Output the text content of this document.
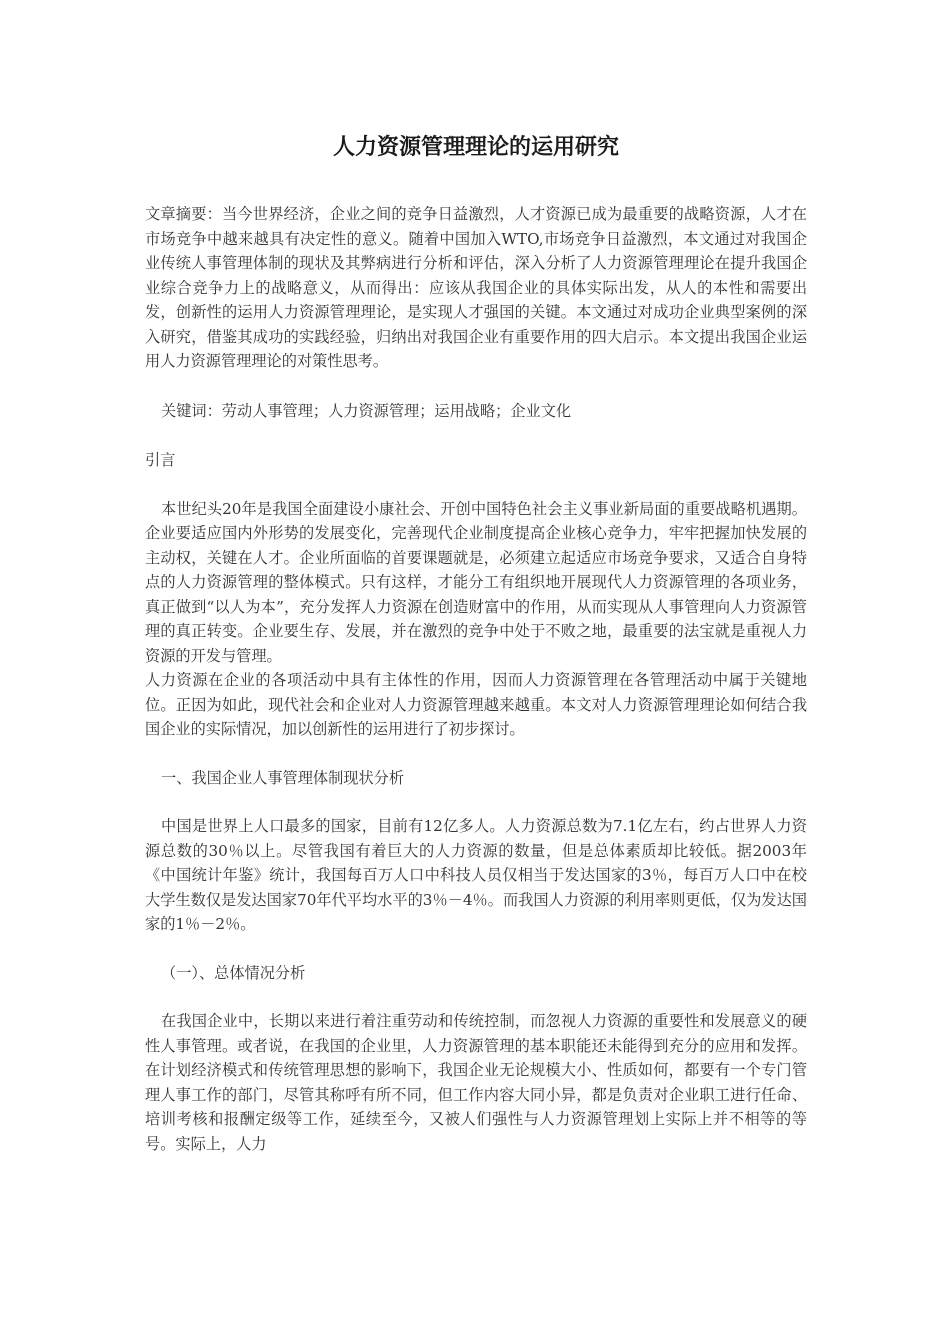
人力资源管理理论的运用研究

文章摘要：当今世界经济，企业之间的竞争日益激烈，人才资源已成为最重要的战略资源，人才在市场竞争中越来越具有决定性的意义。随着中国加入WTO,市场竞争日益激烈，本文通过对我国企业传统人事管理体制的现状及其弊病进行分析和评估，深入分析了人力资源管理理论在提升我国企业综合竞争力上的战略意义，从而得出：应该从我国企业的具体实际出发，从人的本性和需要出发，创新性的运用人力资源管理理论，是实现人才强国的关键。本文通过对成功企业典型案例的深入研究，借鉴其成功的实践经验，归纳出对我国企业有重要作用的四大启示。本文提出我国企业运用人力资源管理理论的对策性思考。

关键词：劳动人事管理；人力资源管理；运用战略；企业文化

引言

本世纪头20年是我国全面建设小康社会、开创中国特色社会主义事业新局面的重要战略机遇期。企业要适应国内外形势的发展变化，完善现代企业制度提高企业核心竞争力，牢牢把握加快发展的主动权，关键在人才。企业所面临的首要课题就是，必须建立起适应市场竞争要求，又适合自身特点的人力资源管理的整体模式。只有这样，才能分工有组织地开展现代人力资源管理的各项业务，真正做到“以人为本”，充分发挥人力资源在创造财富中的作用，从而实现从人事管理向人力资源管理的真正转变。企业要生存、发展，并在激烈的竞争中处于不败之地，最重要的法宝就是重视人力资源的开发与管理。

人力资源在企业的各项活动中具有主体性的作用，因而人力资源管理在各管理活动中属于关键地位。正因为如此，现代社会和企业对人力资源管理越来越重。本文对人力资源管理理论如何结合我国企业的实际情况，加以创新性的运用进行了初步探讨。

一、我国企业人事管理体制现状分析

中国是世界上人口最多的国家，目前有12亿多人。人力资源总数为7.1亿左右，约占世界人力资源总数的30％以上。尽管我国有着巨大的人力资源的数量，但是总体素质却比较低。据2003年《中国统计年鉴》统计，我国每百万人口中科技人员仅相当于发达国家的3％，每百万人口中在校大学生数仅是发达国家70年代平均水平的3％－4％。而我国人力资源的利用率则更低，仅为发达国家的1％－2％。

（一）、总体情况分析

在我国企业中，长期以来进行着注重劳动和传统控制，而忽视人力资源的重要性和发展意义的硬性人事管理。或者说，在我国的企业里，人力资源管理的基本职能还未能得到充分的应用和发挥。在计划经济模式和传统管理思想的影响下，我国企业无论规模大小、性质如何，都要有一个专门管理人事工作的部门，尽管其称呼有所不同，但工作内容大同小异，都是负责对企业职工进行任命、培训考核和报酬定级等工作，延续至今，又被人们强性与人力资源管理划上实际上并不相等的等号。实际上，人力
